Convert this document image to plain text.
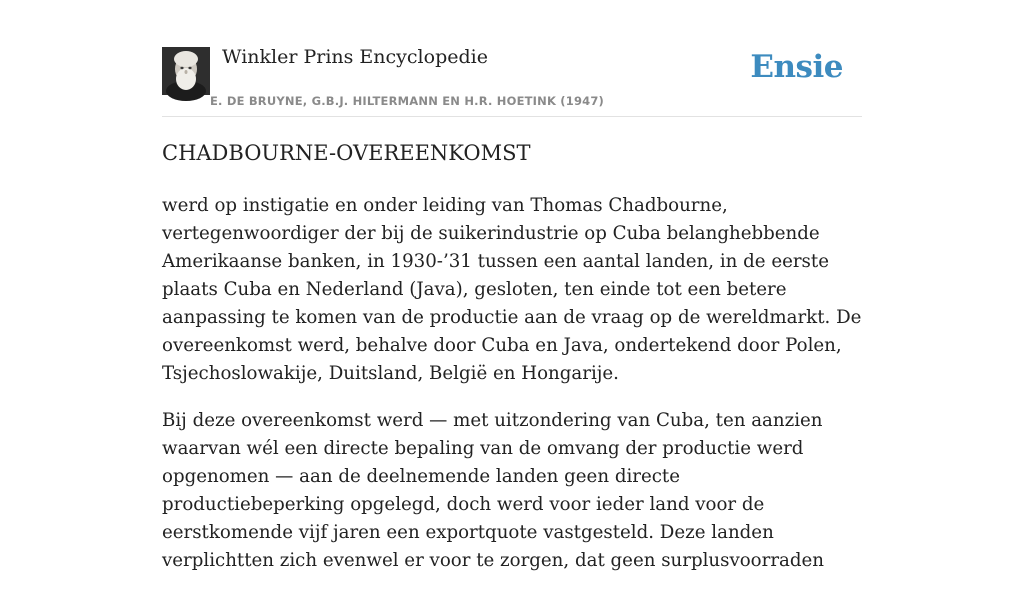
Winkler Prins Encyclopedie
E. DE BRUYNE, G.B.J. HILTERMANN EN H.R. HOETINK (1947)
Ensie
CHADBOURNE-OVEREENKOMST

werd op instigatie en onder leiding van Thomas Chadbourne, vertegenwoordiger der bij de suikerindustrie op Cuba belanghebbende Amerikaanse banken, in 1930-’31 tussen een aantal landen, in de eerste plaats Cuba en Nederland (Java), gesloten, ten einde tot een betere aanpassing te komen van de productie aan de vraag op de wereldmarkt. De overeenkomst werd, behalve door Cuba en Java, ondertekend door Polen, Tsjechoslowakije, Duitsland, België en Hongarije.

Bij deze overeenkomst werd — met uitzondering van Cuba, ten aanzien waarvan wél een directe bepaling van de omvang der productie werd opgenomen — aan de deelnemende landen geen directe productiebeperking opgelegd, doch werd voor ieder land voor de eerstkomende vijf jaren een exportquote vastgesteld. Deze landen verplichtten zich evenwel er voor te zorgen, dat geen surplusvoorraden
